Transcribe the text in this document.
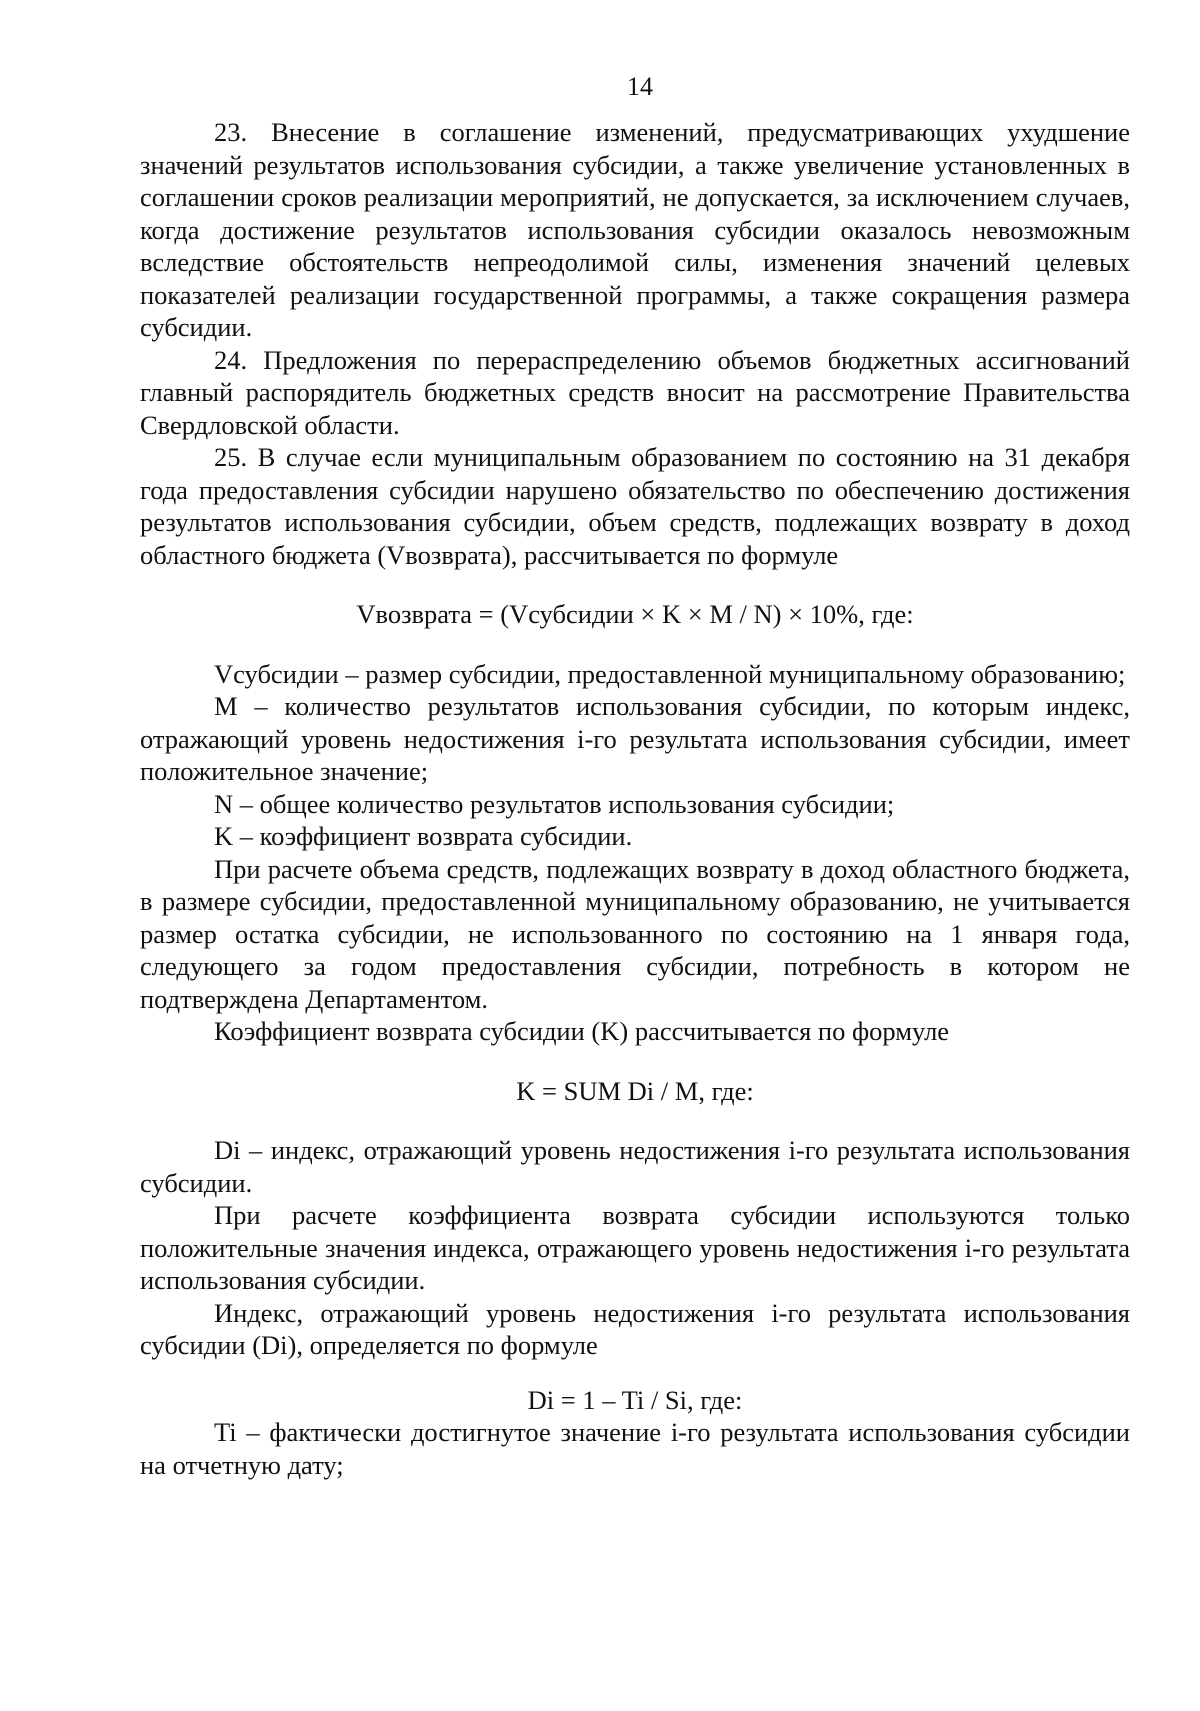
14

23. Внесение в соглашение изменений, предусматривающих ухудшение значений результатов использования субсидии, а также увеличение установленных в соглашении сроков реализации мероприятий, не допускается, за исключением случаев, когда достижение результатов использования субсидии оказалось невозможным вследствие обстоятельств непреодолимой силы, изменения значений целевых показателей реализации государственной программы, а также сокращения размера субсидии.

24. Предложения по перераспределению объемов бюджетных ассигнований главный распорядитель бюджетных средств вносит на рассмотрение Правительства Свердловской области.

25. В случае если муниципальным образованием по состоянию на 31 декабря года предоставления субсидии нарушено обязательство по обеспечению достижения результатов использования субсидии, объем средств, подлежащих возврату в доход областного бюджета (Vвозврата), рассчитывается по формуле

Vвозврата = (Vсубсидии × K × M / N) × 10%, где:

Vсубсидии – размер субсидии, предоставленной муниципальному образованию;

M – количество результатов использования субсидии, по которым индекс, отражающий уровень недостижения i-го результата использования субсидии, имеет положительное значение;

N – общее количество результатов использования субсидии;

K – коэффициент возврата субсидии.

При расчете объема средств, подлежащих возврату в доход областного бюджета, в размере субсидии, предоставленной муниципальному образованию, не учитывается размер остатка субсидии, не использованного по состоянию на 1 января года, следующего за годом предоставления субсидии, потребность в котором не подтверждена Департаментом.

Коэффициент возврата субсидии (K) рассчитывается по формуле

K = SUM Di / M, где:

Di – индекс, отражающий уровень недостижения i-го результата использования субсидии.

При расчете коэффициента возврата субсидии используются только положительные значения индекса, отражающего уровень недостижения i-го результата использования субсидии.

Индекс, отражающий уровень недостижения i-го результата использования субсидии (Di), определяется по формуле

Di = 1 – Ti / Si, где:

Ti – фактически достигнутое значение i-го результата использования субсидии на отчетную дату;
